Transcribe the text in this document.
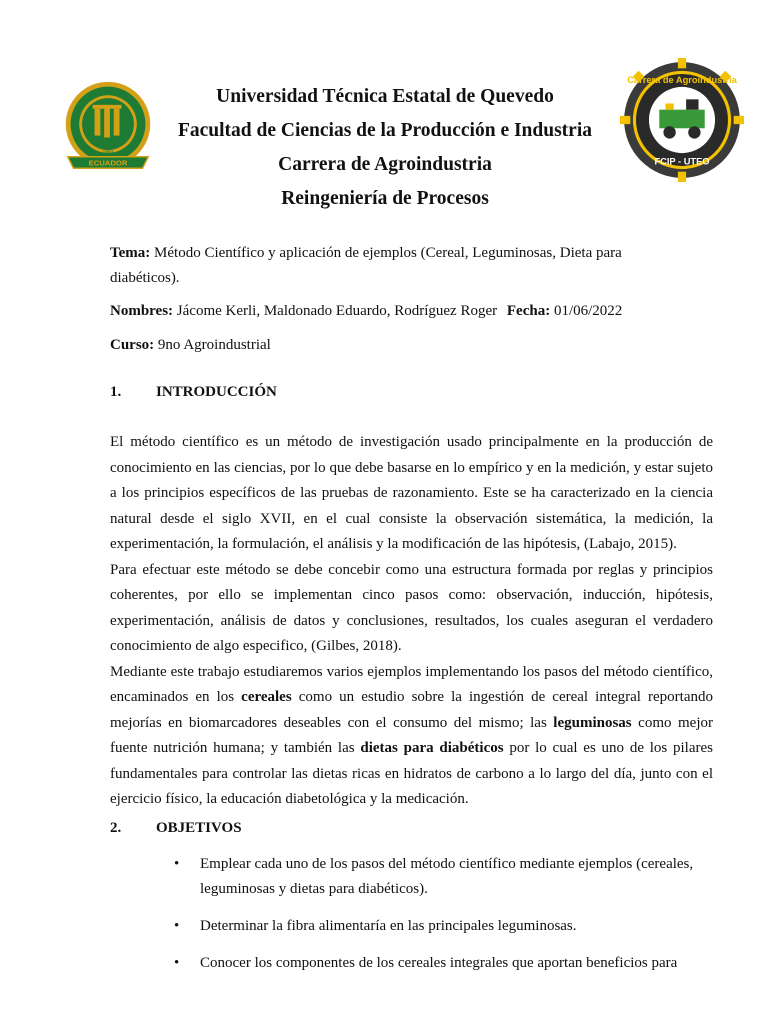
ECUADOR
1984
Carrera de Agroindustria
FCIP - UTEO
Universidad Técnica Estatal de Quevedo
Facultad de Ciencias de la Producción e Industria
Carrera de Agroindustria
Reingeniería de Procesos
Tema: Método Científico y aplicación de ejemplos (Cereal, Leguminosas, Dieta para
diabéticos).
Nombres: Jácome Kerli, Maldonado Eduardo, Rodríguez Roger Fecha: 01/06/2022
Curso: 9no Agroindustrial
1. INTRODUCCIÓN

El método científico es un método de investigación usado principalmente en la producción de conocimiento en las ciencias, por lo que debe basarse en lo empírico y en la medición, y estar sujeto a los principios específicos de las pruebas de razonamiento. Este se ha caracterizado en la ciencia natural desde el siglo XVII, en el cual consiste la observación sistemática, la medición, la experimentación, la formulación, el análisis y la modificación de las hipótesis, (Labajo, 2015).

Para efectuar este método se debe concebir como una estructura formada por reglas y principios coherentes, por ello se implementan cinco pasos como: observación, inducción, hipótesis, experimentación, análisis de datos y conclusiones, resultados, los cuales aseguran el verdadero conocimiento de algo especifico, (Gilbes, 2018).

Mediante este trabajo estudiaremos varios ejemplos implementando los pasos del método científico, encaminados en los cereales como un estudio sobre la ingestión de cereal integral reportando mejorías en biomarcadores deseables con el consumo del mismo; las leguminosas como mejor fuente nutrición humana; y también las dietas para diabéticos por lo cual es uno de los pilares fundamentales para controlar las dietas ricas en hidratos de carbono a lo largo del día, junto con el ejercicio físico, la educación diabetológica y la medicación.

2. OBJETIVOS
• Emplear cada uno de los pasos del método científico mediante ejemplos (cereales, leguminosas y dietas para diabéticos).
• Determinar la fibra alimentaría en las principales leguminosas.
• Conocer los componentes de los cereales integrales que aportan beneficios para
